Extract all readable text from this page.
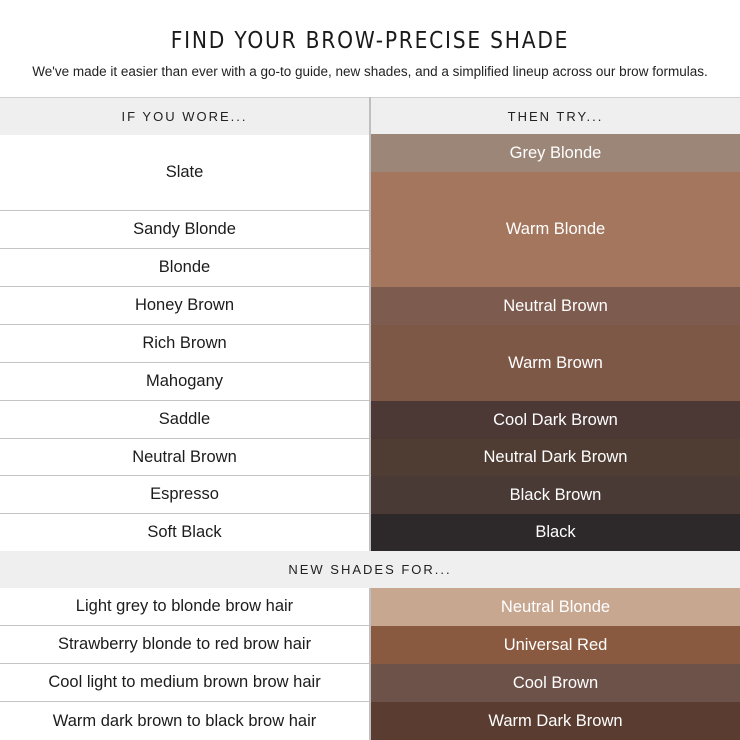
FIND YOUR BROW-PRECISE SHADE
We've made it easier than ever with a go-to guide, new shades, and a simplified lineup across our brow formulas.
IF YOU WORE...	THEN TRY...
Slate
Sandy Blonde
Blonde
Honey Brown
Rich Brown
Mahogany
Saddle
Neutral Brown
Espresso
Soft Black
Grey Blonde
Warm Blonde
Neutral Brown
Warm Brown
Cool Dark Brown
Neutral Dark Brown
Black Brown
Black
NEW SHADES FOR...
Light grey to blonde brow hair
Strawberry blonde to red brow hair
Cool light to medium brown brow hair
Warm dark brown to black brow hair
Neutral Blonde
Universal Red
Cool Brown
Warm Dark Brown
